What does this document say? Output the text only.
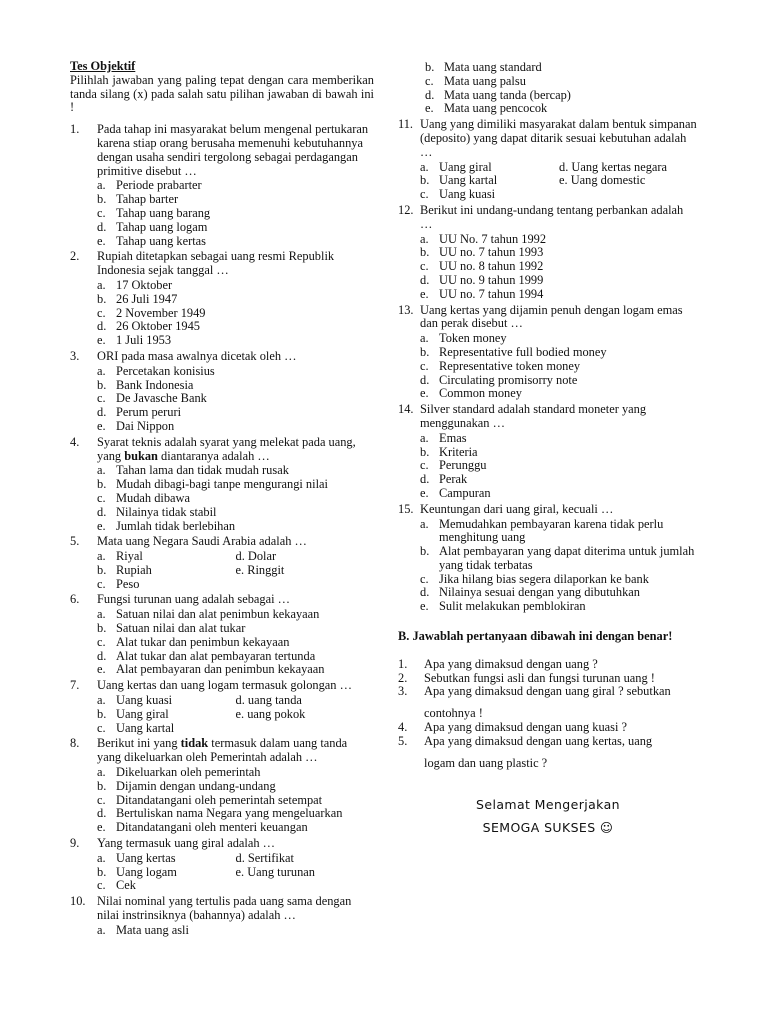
Tes Objektif
Pilihlah jawaban yang paling tepat dengan cara memberikan tanda silang (x) pada salah satu pilihan jawaban di bawah ini !
1. Pada tahap ini masyarakat belum mengenal pertukaran karena stiap orang berusaha memenuhi kebutuhannya dengan usaha sendiri tergolong sebagai perdagangan primitive disebut …
a. Periode prabarter
b. Tahap barter
c. Tahap uang barang
d. Tahap uang logam
e. Tahap uang kertas
2. Rupiah ditetapkan sebagai uang resmi Republik Indonesia sejak tanggal …
a. 17 Oktober
b. 26 Juli 1947
c. 2 November 1949
d. 26 Oktober 1945
e. 1 Juli 1953
3. ORI pada masa awalnya dicetak oleh …
a. Percetakan konisius
b. Bank Indonesia
c. De Javasche Bank
d. Perum peruri
e. Dai Nippon
4. Syarat teknis adalah syarat yang melekat pada uang, yang bukan diantaranya adalah …
a. Tahan lama dan tidak mudah rusak
b. Mudah dibagi-bagi tanpe mengurangi nilai
c. Mudah dibawa
d. Nilainya tidak stabil
e. Jumlah tidak berlebihan
5. Mata uang Negara Saudi Arabia adalah …
a. Riyal	d. Dolar
b. Rupiah	e. Ringgit
c. Peso
6. Fungsi turunan uang adalah sebagai …
a. Satuan nilai dan alat penimbun kekayaan
b. Satuan nilai dan alat tukar
c. Alat tukar dan penimbun kekayaan
d. Alat tukar dan alat pembayaran tertunda
e. Alat pembayaran dan penimbun kekayaan
7. Uang kertas dan uang logam termasuk golongan …
a. Uang kuasi	d. uang tanda
b. Uang giral	e. uang pokok
c. Uang kartal
8. Berikut ini yang tidak termasuk dalam uang tanda yang dikeluarkan oleh Pemerintah adalah …
a. Dikeluarkan oleh pemerintah
b. Dijamin dengan undang-undang
c. Ditandatangani oleh pemerintah setempat
d. Bertuliskan nama Negara yang mengeluarkan
e. Ditandatangani oleh menteri keuangan
9. Yang termasuk uang giral adalah …
a. Uang kertas	d. Sertifikat
b. Uang logam	e. Uang turunan
c. Cek
10. Nilai nominal yang tertulis pada uang sama dengan nilai instrinsiknya (bahannya) adalah …
a. Mata uang asli
b. Mata uang standard
c. Mata uang palsu
d. Mata uang tanda (bercap)
e. Mata uang pencocok
11. Uang yang dimiliki masyarakat dalam bentuk simpanan (deposito) yang dapat ditarik sesuai kebutuhan adalah …
a. Uang giral	d. Uang kertas negara
b. Uang kartal	e. Uang domestic
c. Uang kuasi
12. Berikut ini undang-undang tentang perbankan adalah …
a. UU No. 7 tahun 1992
b. UU no. 7 tahun 1993
c. UU no. 8 tahun 1992
d. UU no. 9 tahun 1999
e. UU no. 7 tahun 1994
13. Uang kertas yang dijamin penuh dengan logam emas dan perak disebut …
a. Token money
b. Representative full bodied money
c. Representative token money
d. Circulating promisorry note
e. Common money
14. Silver standard adalah standard moneter yang menggunakan …
a. Emas
b. Kriteria
c. Perunggu
d. Perak
e. Campuran
15. Keuntungan dari uang giral, kecuali …
a. Memudahkan pembayaran karena tidak perlu menghitung uang
b. Alat pembayaran yang dapat diterima untuk jumlah yang tidak terbatas
c. Jika hilang bias segera dilaporkan ke bank
d. Nilainya sesuai dengan yang dibutuhkan
e. Sulit melakukan pemblokiran
B. Jawablah pertanyaan dibawah ini dengan benar!
1. Apa yang dimaksud dengan uang ?
2. Sebutkan fungsi asli dan fungsi turunan uang !
3. Apa yang dimaksud dengan uang giral ? sebutkan
contohnya !
4. Apa yang dimaksud dengan uang kuasi ?
5. Apa yang dimaksud dengan uang kertas, uang
logam dan uang plastic ?
Selamat Mengerjakan
SEMOGA SUKSES ☺
